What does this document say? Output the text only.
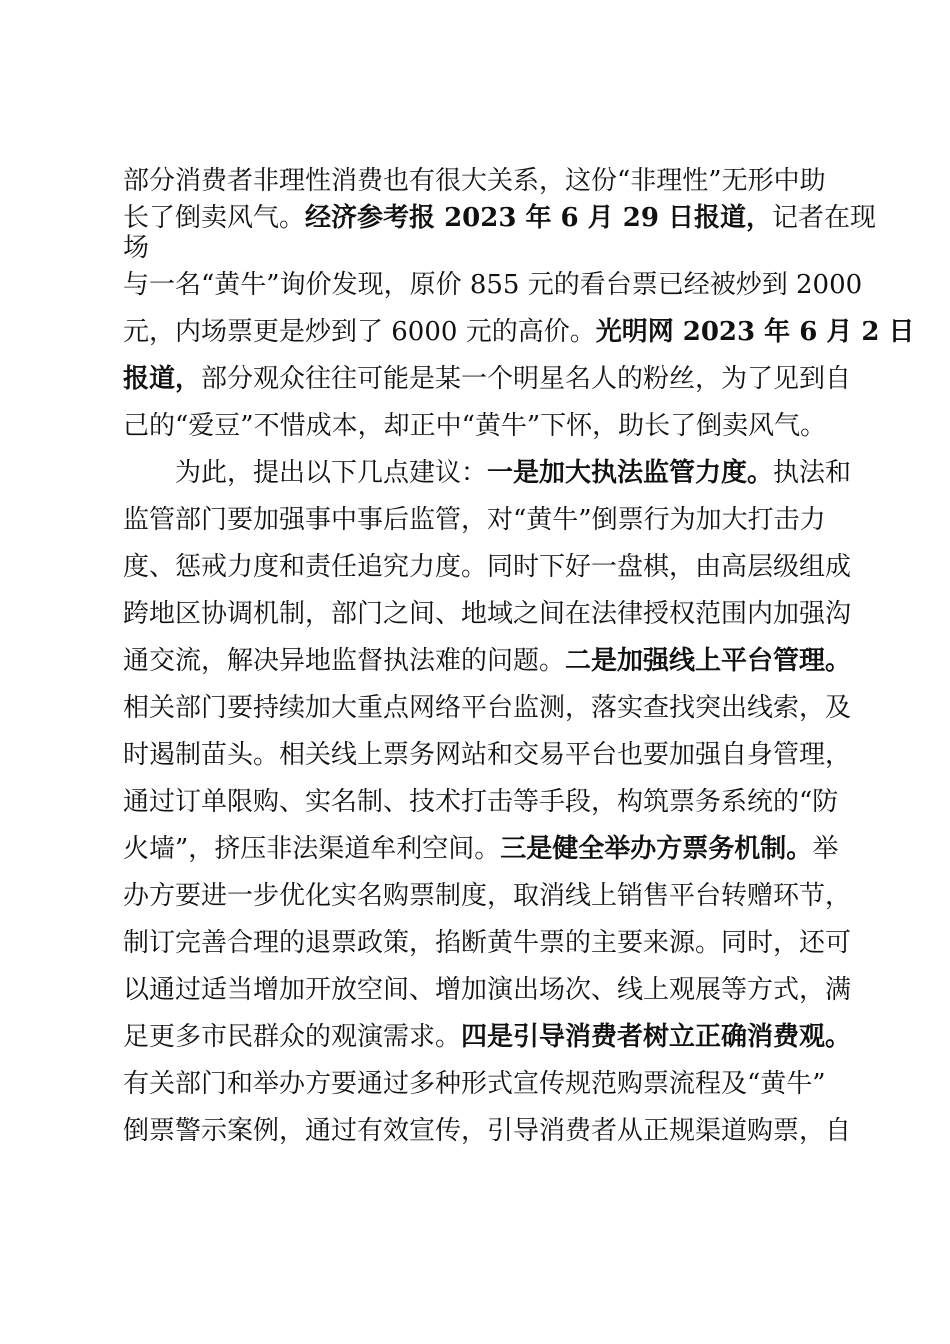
部分消费者非理性消费也有很大关系，这份“非理性”无形中助

长了倒卖风气。经济参考报 2023 年 6 月 29 日报道，记者在现

场

与一名“黄牛”询价发现，原价 855 元的看台票已经被炒到 2000

元，内场票更是炒到了 6000 元的高价。光明网 2023 年 6 月 2 日

报道，部分观众往往可能是某一个明星名人的粉丝，为了见到自

己的“爱豆”不惜成本，却正中“黄牛”下怀，助长了倒卖风气。

为此，提出以下几点建议：一是加大执法监管力度。执法和

监管部门要加强事中事后监管，对“黄牛”倒票行为加大打击力

度、惩戒力度和责任追究力度。同时下好一盘棋，由高层级组成

跨地区协调机制，部门之间、地域之间在法律授权范围内加强沟

通交流，解决异地监督执法难的问题。二是加强线上平台管理。

相关部门要持续加大重点网络平台监测，落实查找突出线索，及

时遏制苗头。相关线上票务网站和交易平台也要加强自身管理，

通过订单限购、实名制、技术打击等手段，构筑票务系统的“防

火墙”，挤压非法渠道牟利空间。三是健全举办方票务机制。举

办方要进一步优化实名购票制度，取消线上销售平台转赠环节，

制订完善合理的退票政策，掐断黄牛票的主要来源。同时，还可

以通过适当增加开放空间、增加演出场次、线上观展等方式，满

足更多市民群众的观演需求。四是引导消费者树立正确消费观。

有关部门和举办方要通过多种形式宣传规范购票流程及“黄牛”

倒票警示案例，通过有效宣传，引导消费者从正规渠道购票，自
